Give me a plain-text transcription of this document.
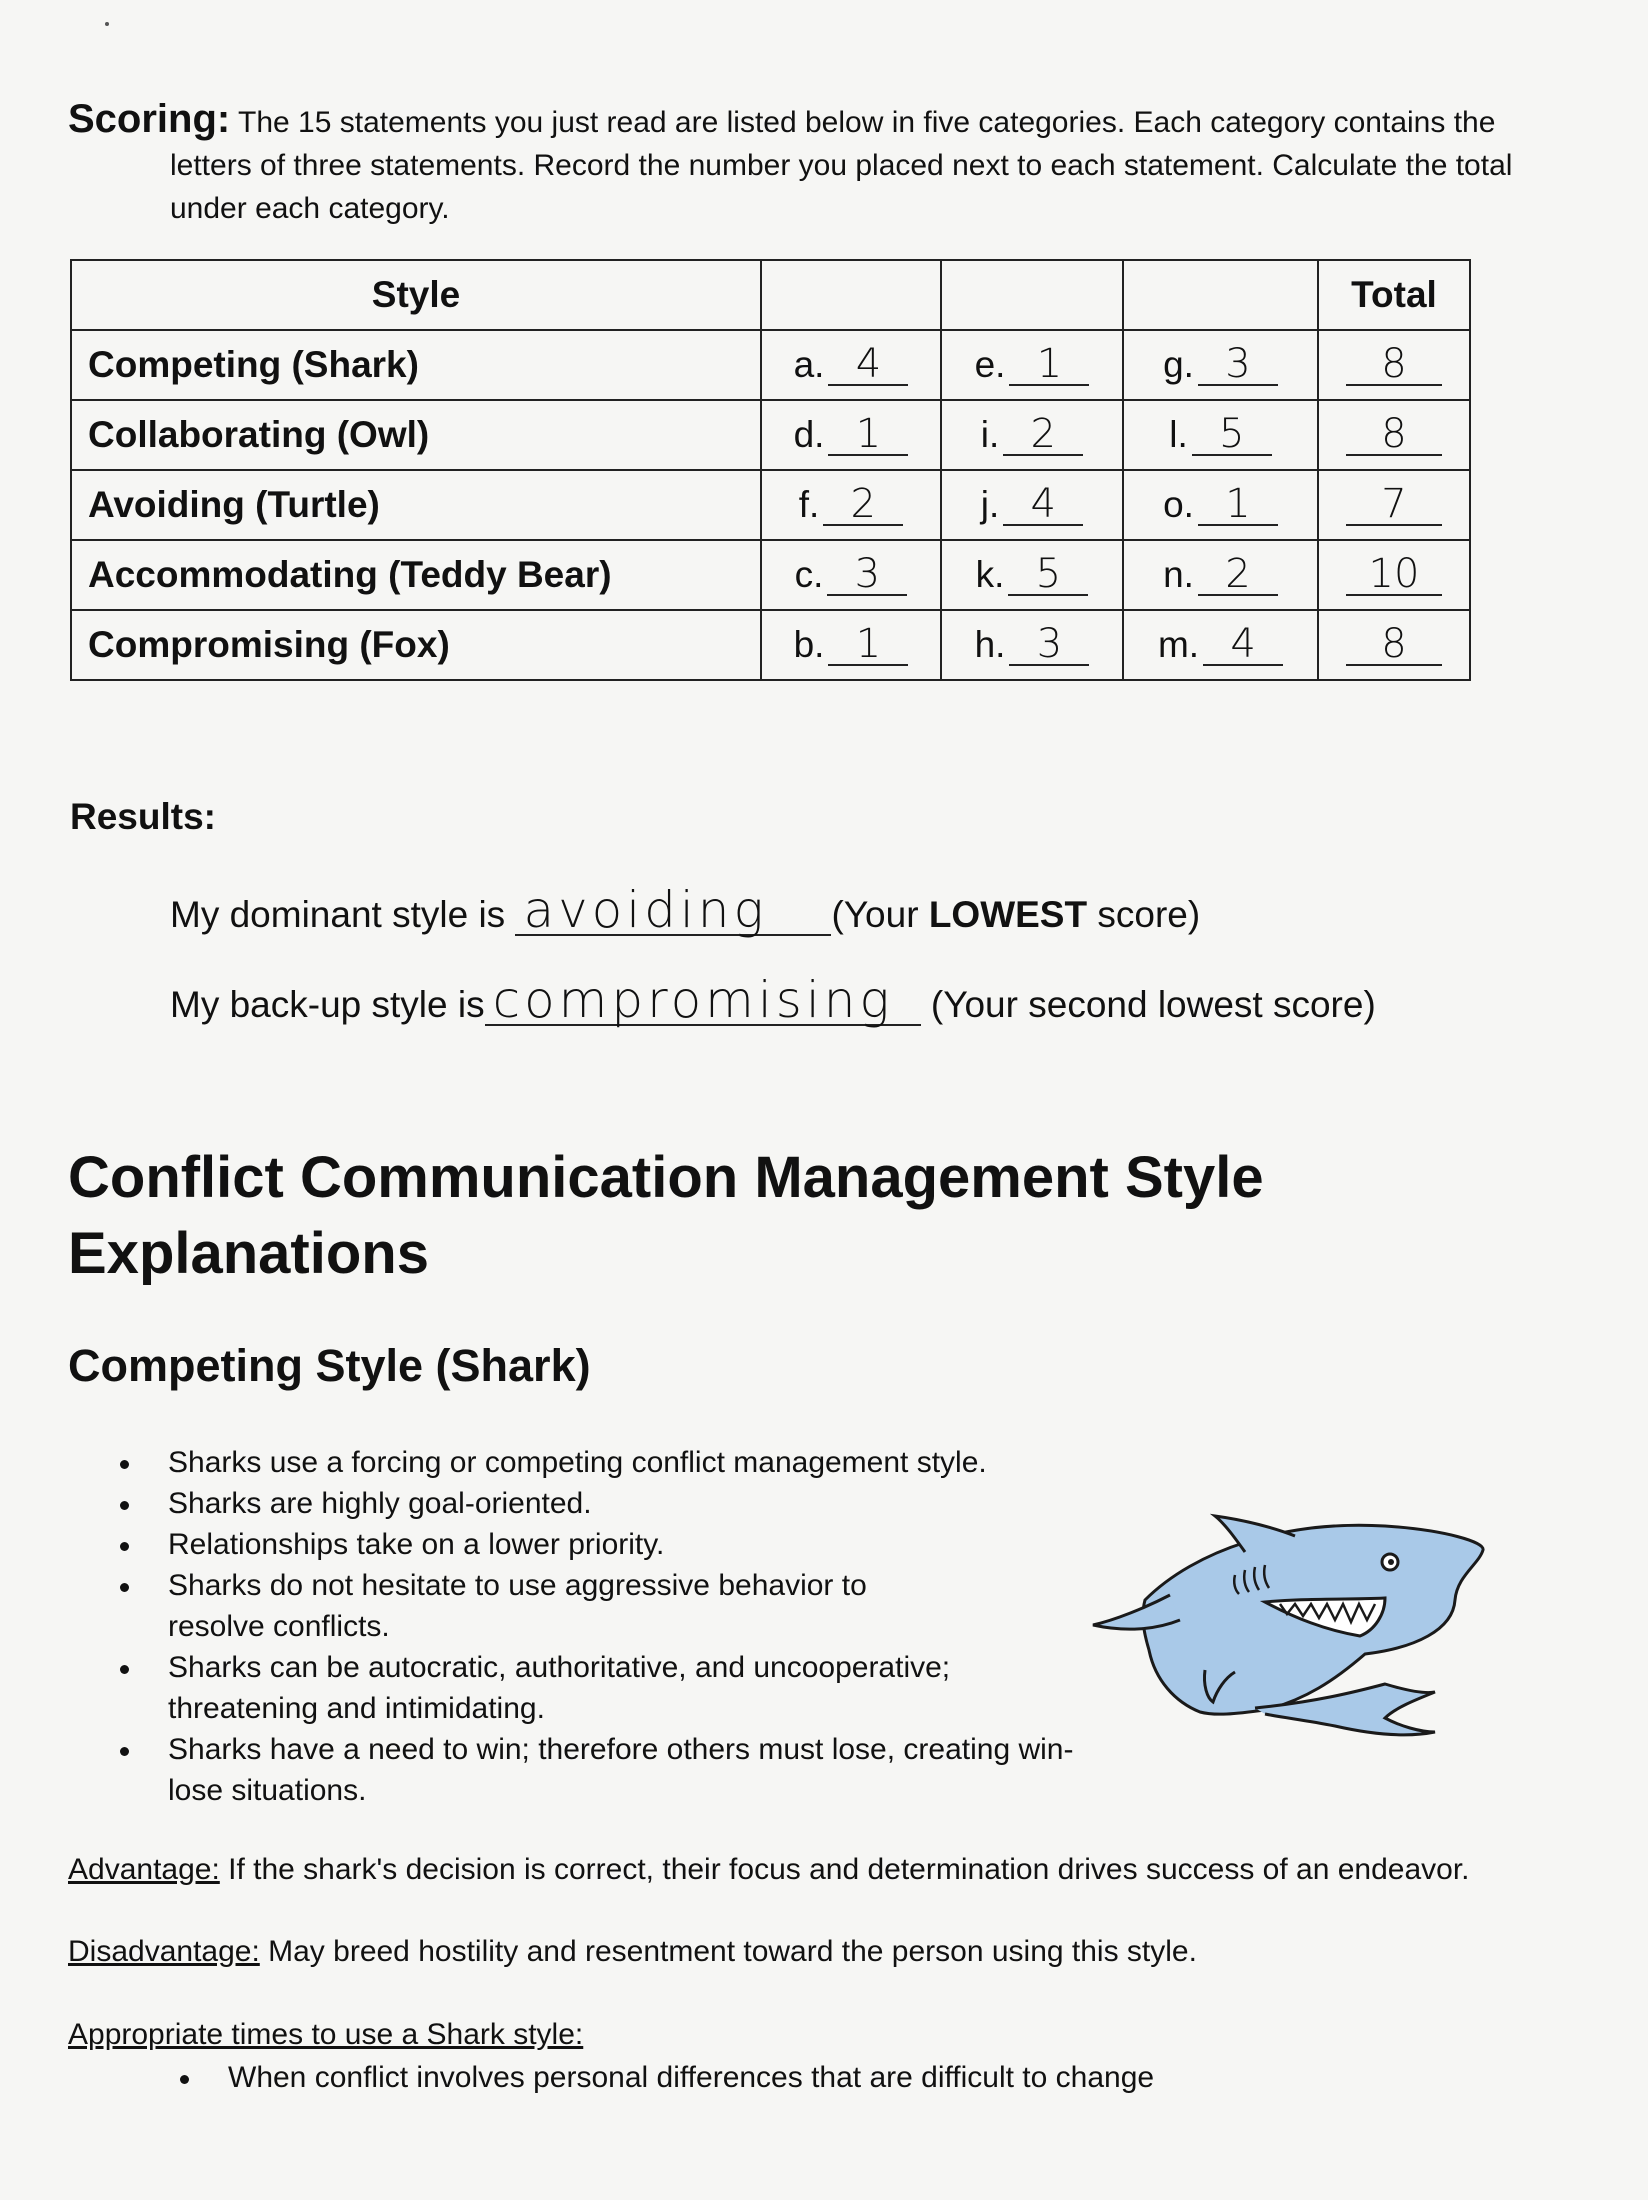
Scoring: The 15 statements you just read are listed below in five categories. Each category contains the
letters of three statements. Record the number you placed next to each statement. Calculate the total
under each category.
Style				Total
Competing (Shark)	a. 4	e. 1	g. 3	8
Collaborating (Owl)	d. 1	i. 2	l. 5	8
Avoiding (Turtle)	f. 2	j. 4	o. 1	7
Accommodating (Teddy Bear)	c. 3	k. 5	n. 2	10
Compromising (Fox)	b. 1	h. 3	m. 4	8
Results:
My dominant style is avoiding (Your LOWEST score)
My back-up style is compromising (Your second lowest score)
Conflict Communication Management Style Explanations
Competing Style (Shark)
Sharks use a forcing or competing conflict management style.
Sharks are highly goal-oriented.
Relationships take on a lower priority.
Sharks do not hesitate to use aggressive behavior to resolve conflicts.
Sharks can be autocratic, authoritative, and uncooperative; threatening and intimidating.
Sharks have a need to win; therefore others must lose, creating win-lose situations.
Advantage: If the shark's decision is correct, their focus and determination drives success of an endeavor.
Disadvantage: May breed hostility and resentment toward the person using this style.
Appropriate times to use a Shark style:
When conflict involves personal differences that are difficult to change
